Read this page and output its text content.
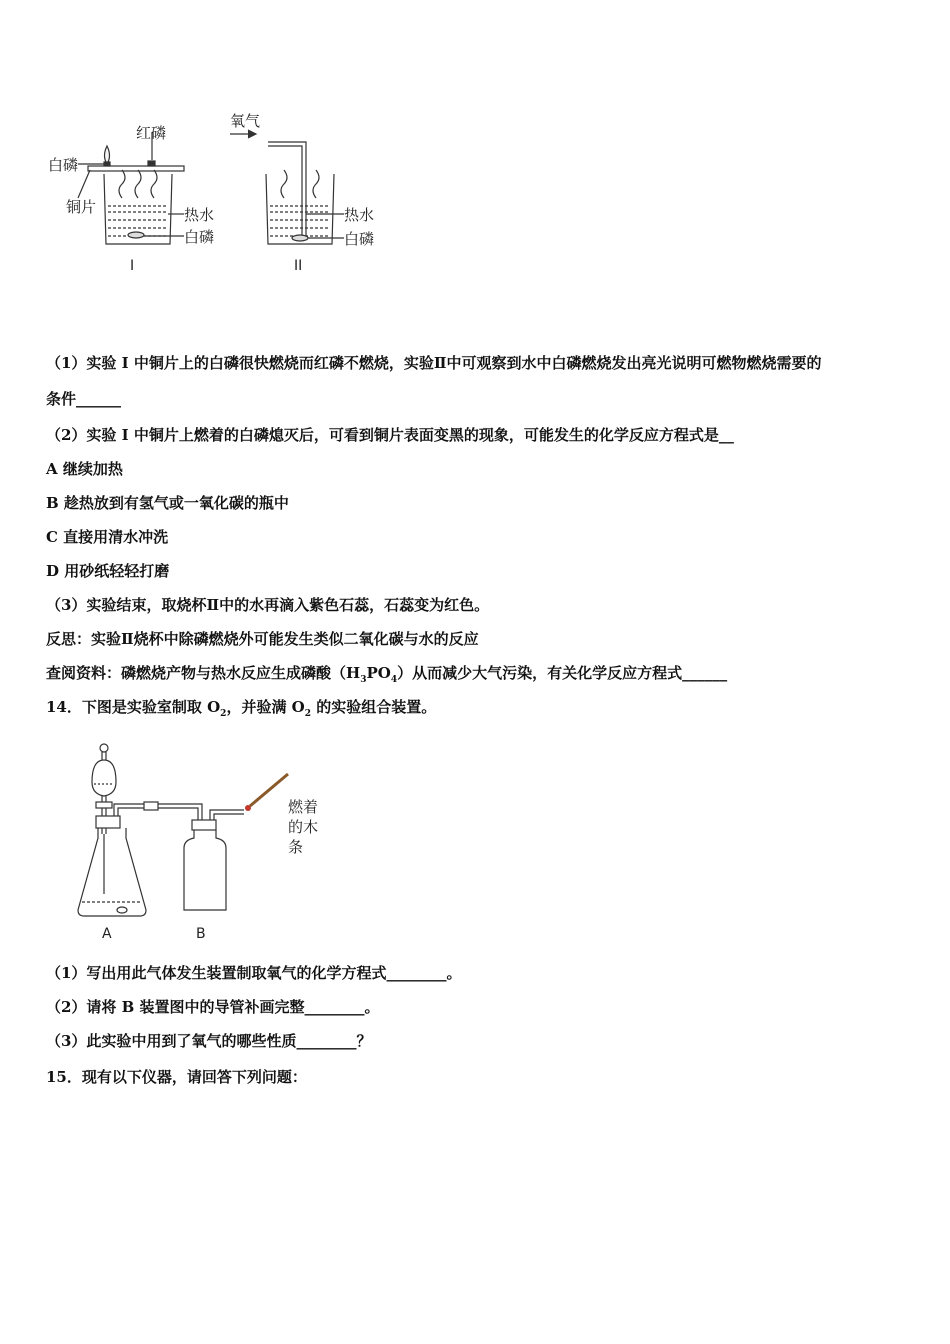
红磷
氧气
白磷
铜片	热水
白磷
热水
白磷
I	II
（1）实验 I 中铜片上的白磷很快燃烧而红磷不燃烧，实验Ⅱ中可观察到水中白磷燃烧发出亮光说明可燃物燃烧需要的
条件______
（2）实验 I 中铜片上燃着的白磷熄灭后，可看到铜片表面变黑的现象，可能发生的化学反应方程式是__
A 继续加热
B 趁热放到有氢气或一氧化碳的瓶中
C 直接用清水冲洗
D 用砂纸轻轻打磨
（3）实验结束，取烧杯Ⅱ中的水再滴入紫色石蕊，石蕊变为红色。
反思：实验Ⅱ烧杯中除磷燃烧外可能发生类似二氧化碳与水的反应
查阅资料：磷燃烧产物与热水反应生成磷酸$(H_3PO_4)$从而减少大气污染，有关化学反应方程式______
14．下图是实验室制取 $O_2$，并验满 $O_2$ 的实验组合装置。
燃着
的木
条
A	B
（1）写出用此气体发生装置制取氧气的化学方程式________。
（2）请将 B 装置图中的导管补画完整________。
（3）此实验中用到了氧气的哪些性质________？
15．现有以下仪器，请回答下列问题：
